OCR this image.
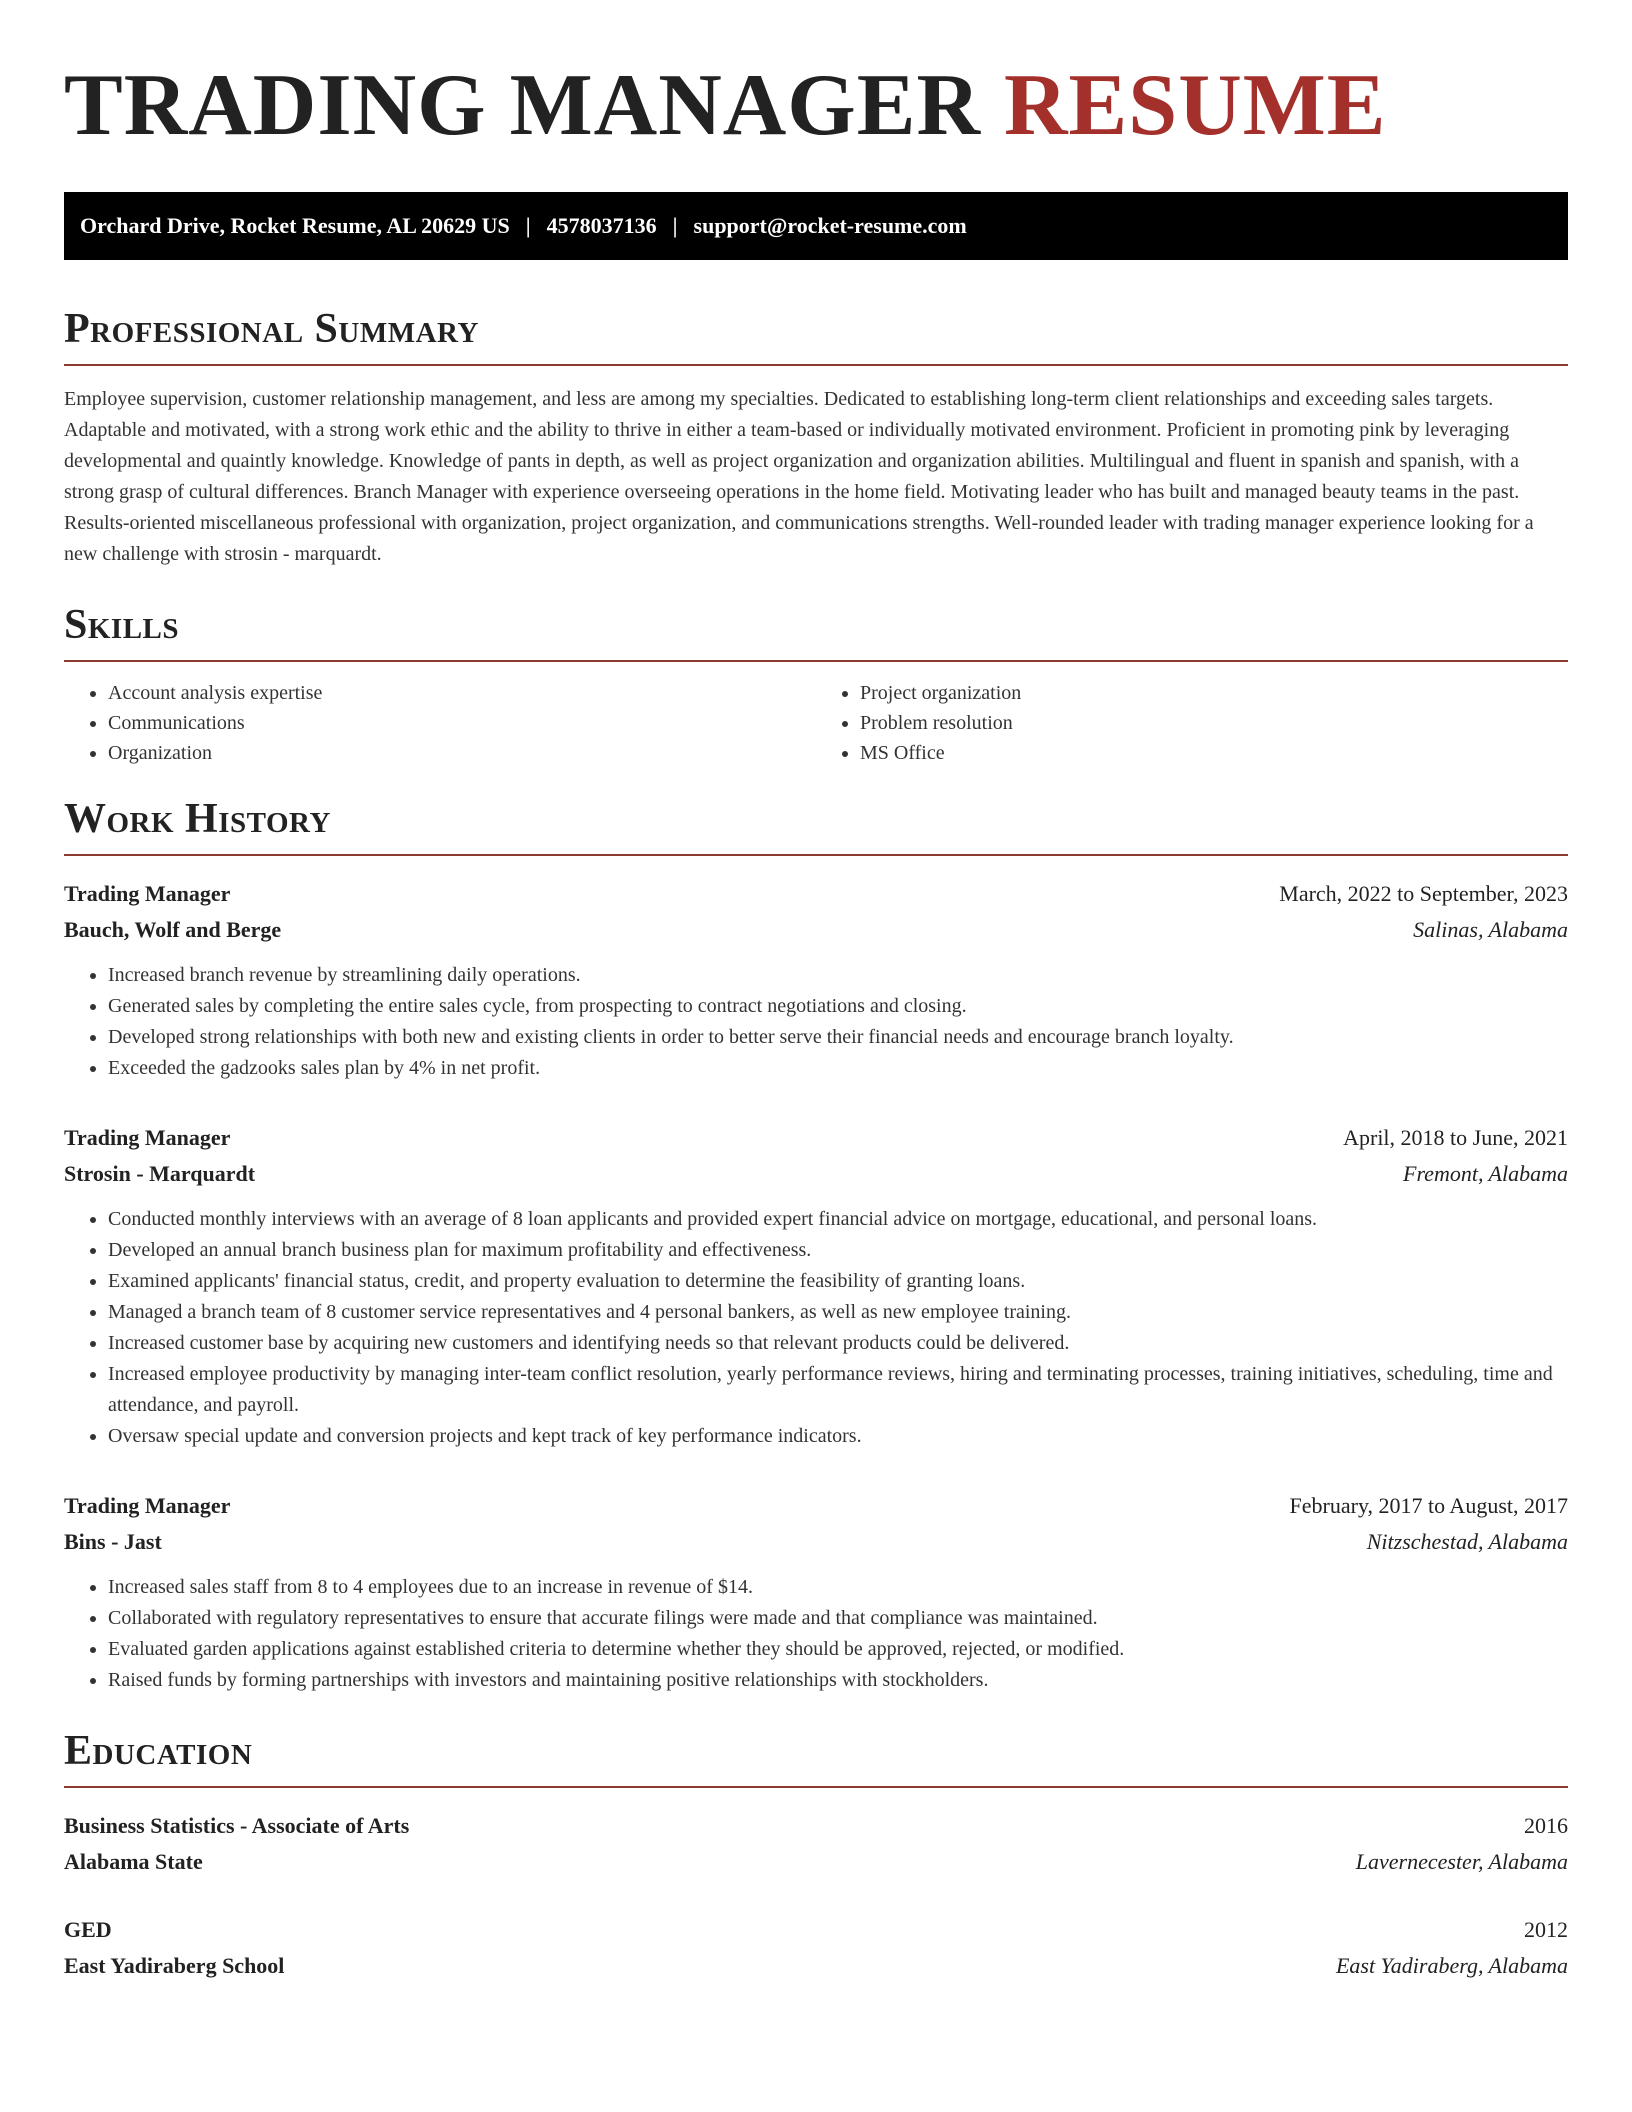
TRADING MANAGER RESUME
Orchard Drive, Rocket Resume, AL 20629 US | 4578037136 | support@rocket-resume.com
Professional Summary

Employee supervision, customer relationship management, and less are among my specialties. Dedicated to establishing long-term client relationships and exceeding sales targets. Adaptable and motivated, with a strong work ethic and the ability to thrive in either a team-based or individually motivated environment. Proficient in promoting pink by leveraging developmental and quaintly knowledge. Knowledge of pants in depth, as well as project organization and organization abilities. Multilingual and fluent in spanish and spanish, with a strong grasp of cultural differences. Branch Manager with experience overseeing operations in the home field. Motivating leader who has built and managed beauty teams in the past. Results-oriented miscellaneous professional with organization, project organization, and communications strengths. Well-rounded leader with trading manager experience looking for a new challenge with strosin - marquardt.

Skills
• Account analysis expertise
• Communications
• Organization
• Project organization
• Problem resolution
• MS Office
Work History
Trading Manager	March, 2022 to September, 2023
Bauch, Wolf and Berge	Salinas, Alabama
• Increased branch revenue by streamlining daily operations.
• Generated sales by completing the entire sales cycle, from prospecting to contract negotiations and closing.
• Developed strong relationships with both new and existing clients in order to better serve their financial needs and encourage branch loyalty.
• Exceeded the gadzooks sales plan by 4% in net profit.
Trading Manager	April, 2018 to June, 2021
Strosin - Marquardt	Fremont, Alabama
• Conducted monthly interviews with an average of 8 loan applicants and provided expert financial advice on mortgage, educational, and personal loans.
• Developed an annual branch business plan for maximum profitability and effectiveness.
• Examined applicants' financial status, credit, and property evaluation to determine the feasibility of granting loans.
• Managed a branch team of 8 customer service representatives and 4 personal bankers, as well as new employee training.
• Increased customer base by acquiring new customers and identifying needs so that relevant products could be delivered.
• Increased employee productivity by managing inter-team conflict resolution, yearly performance reviews, hiring and terminating processes, training initiatives, scheduling, time and attendance, and payroll.
• Oversaw special update and conversion projects and kept track of key performance indicators.
Trading Manager	February, 2017 to August, 2017
Bins - Jast	Nitzschestad, Alabama
• Increased sales staff from 8 to 4 employees due to an increase in revenue of $14.
• Collaborated with regulatory representatives to ensure that accurate filings were made and that compliance was maintained.
• Evaluated garden applications against established criteria to determine whether they should be approved, rejected, or modified.
• Raised funds by forming partnerships with investors and maintaining positive relationships with stockholders.
Education
Business Statistics - Associate of Arts	2016
Alabama State	Lavernecester, Alabama
GED	2012
East Yadiraberg School	East Yadiraberg, Alabama
